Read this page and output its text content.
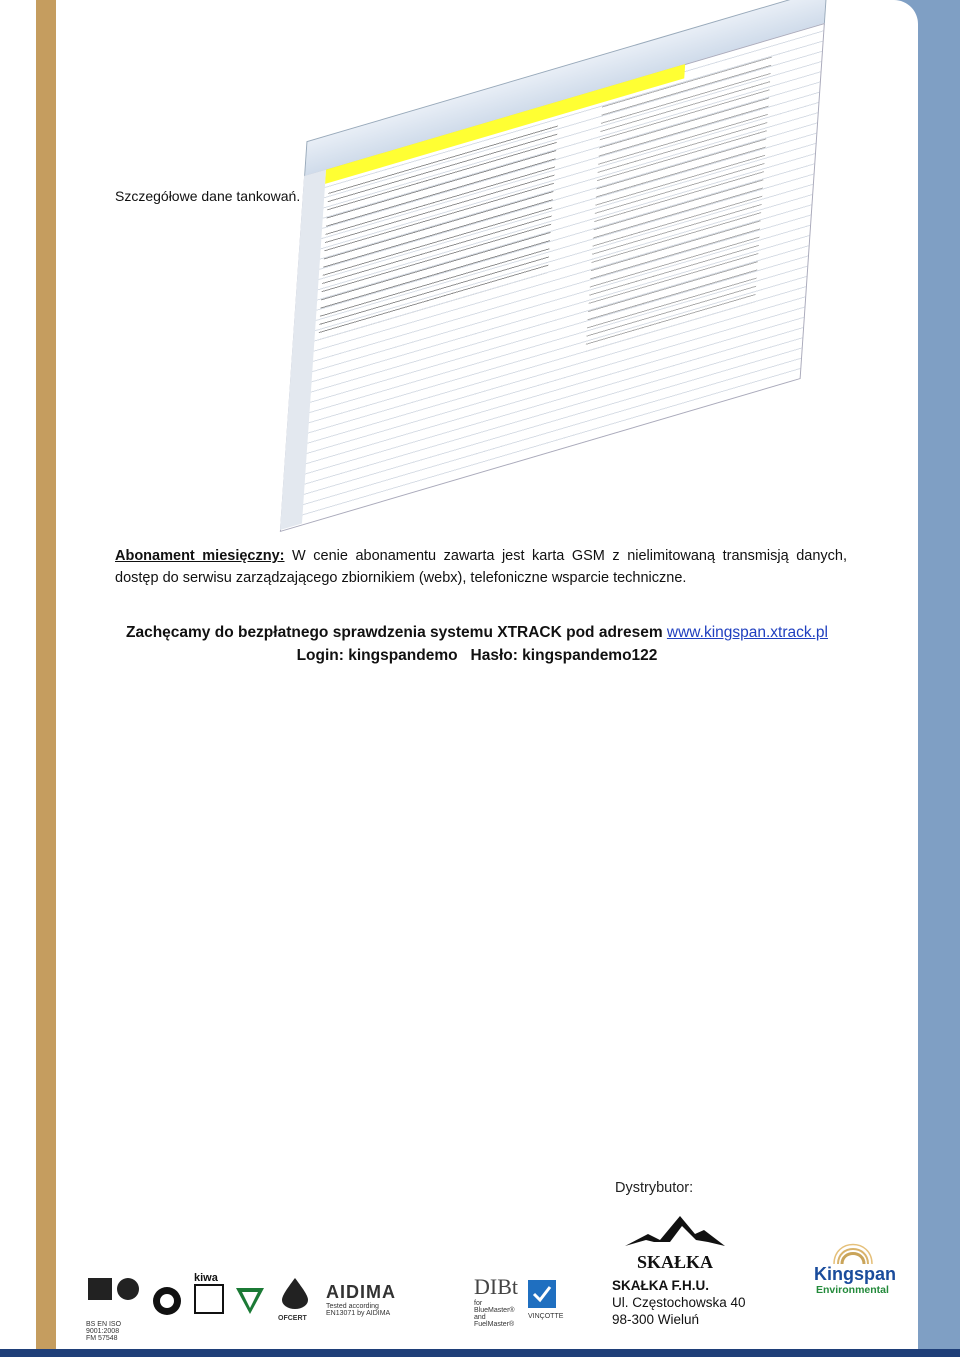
Szczegółowe dane tankowań.
Abonament miesięczny: W cenie abonamentu zawarta jest karta GSM z nielimitowaną transmisją danych, dostęp do serwisu zarządzającego zbiornikiem (webx), telefoniczne wsparcie techniczne.
Zachęcamy do bezpłatnego sprawdzenia systemu XTRACK pod adresem www.kingspan.xtrack.pl
Login: kingspandemo   Hasło: kingspandemo122
Dystrybutor:
SKAŁKA
SKAŁKA F.H.U.
Ul. Częstochowska 40
98-300 Wieluń
Kingspan
Environmental
BS EN ISO 9001:2008
FM 57548
kiwa
OFCERT
AIDIMA
Tested according EN13071 by AIDIMA
DIBt
for BlueMaster®
and FuelMaster®
VINÇOTTE
